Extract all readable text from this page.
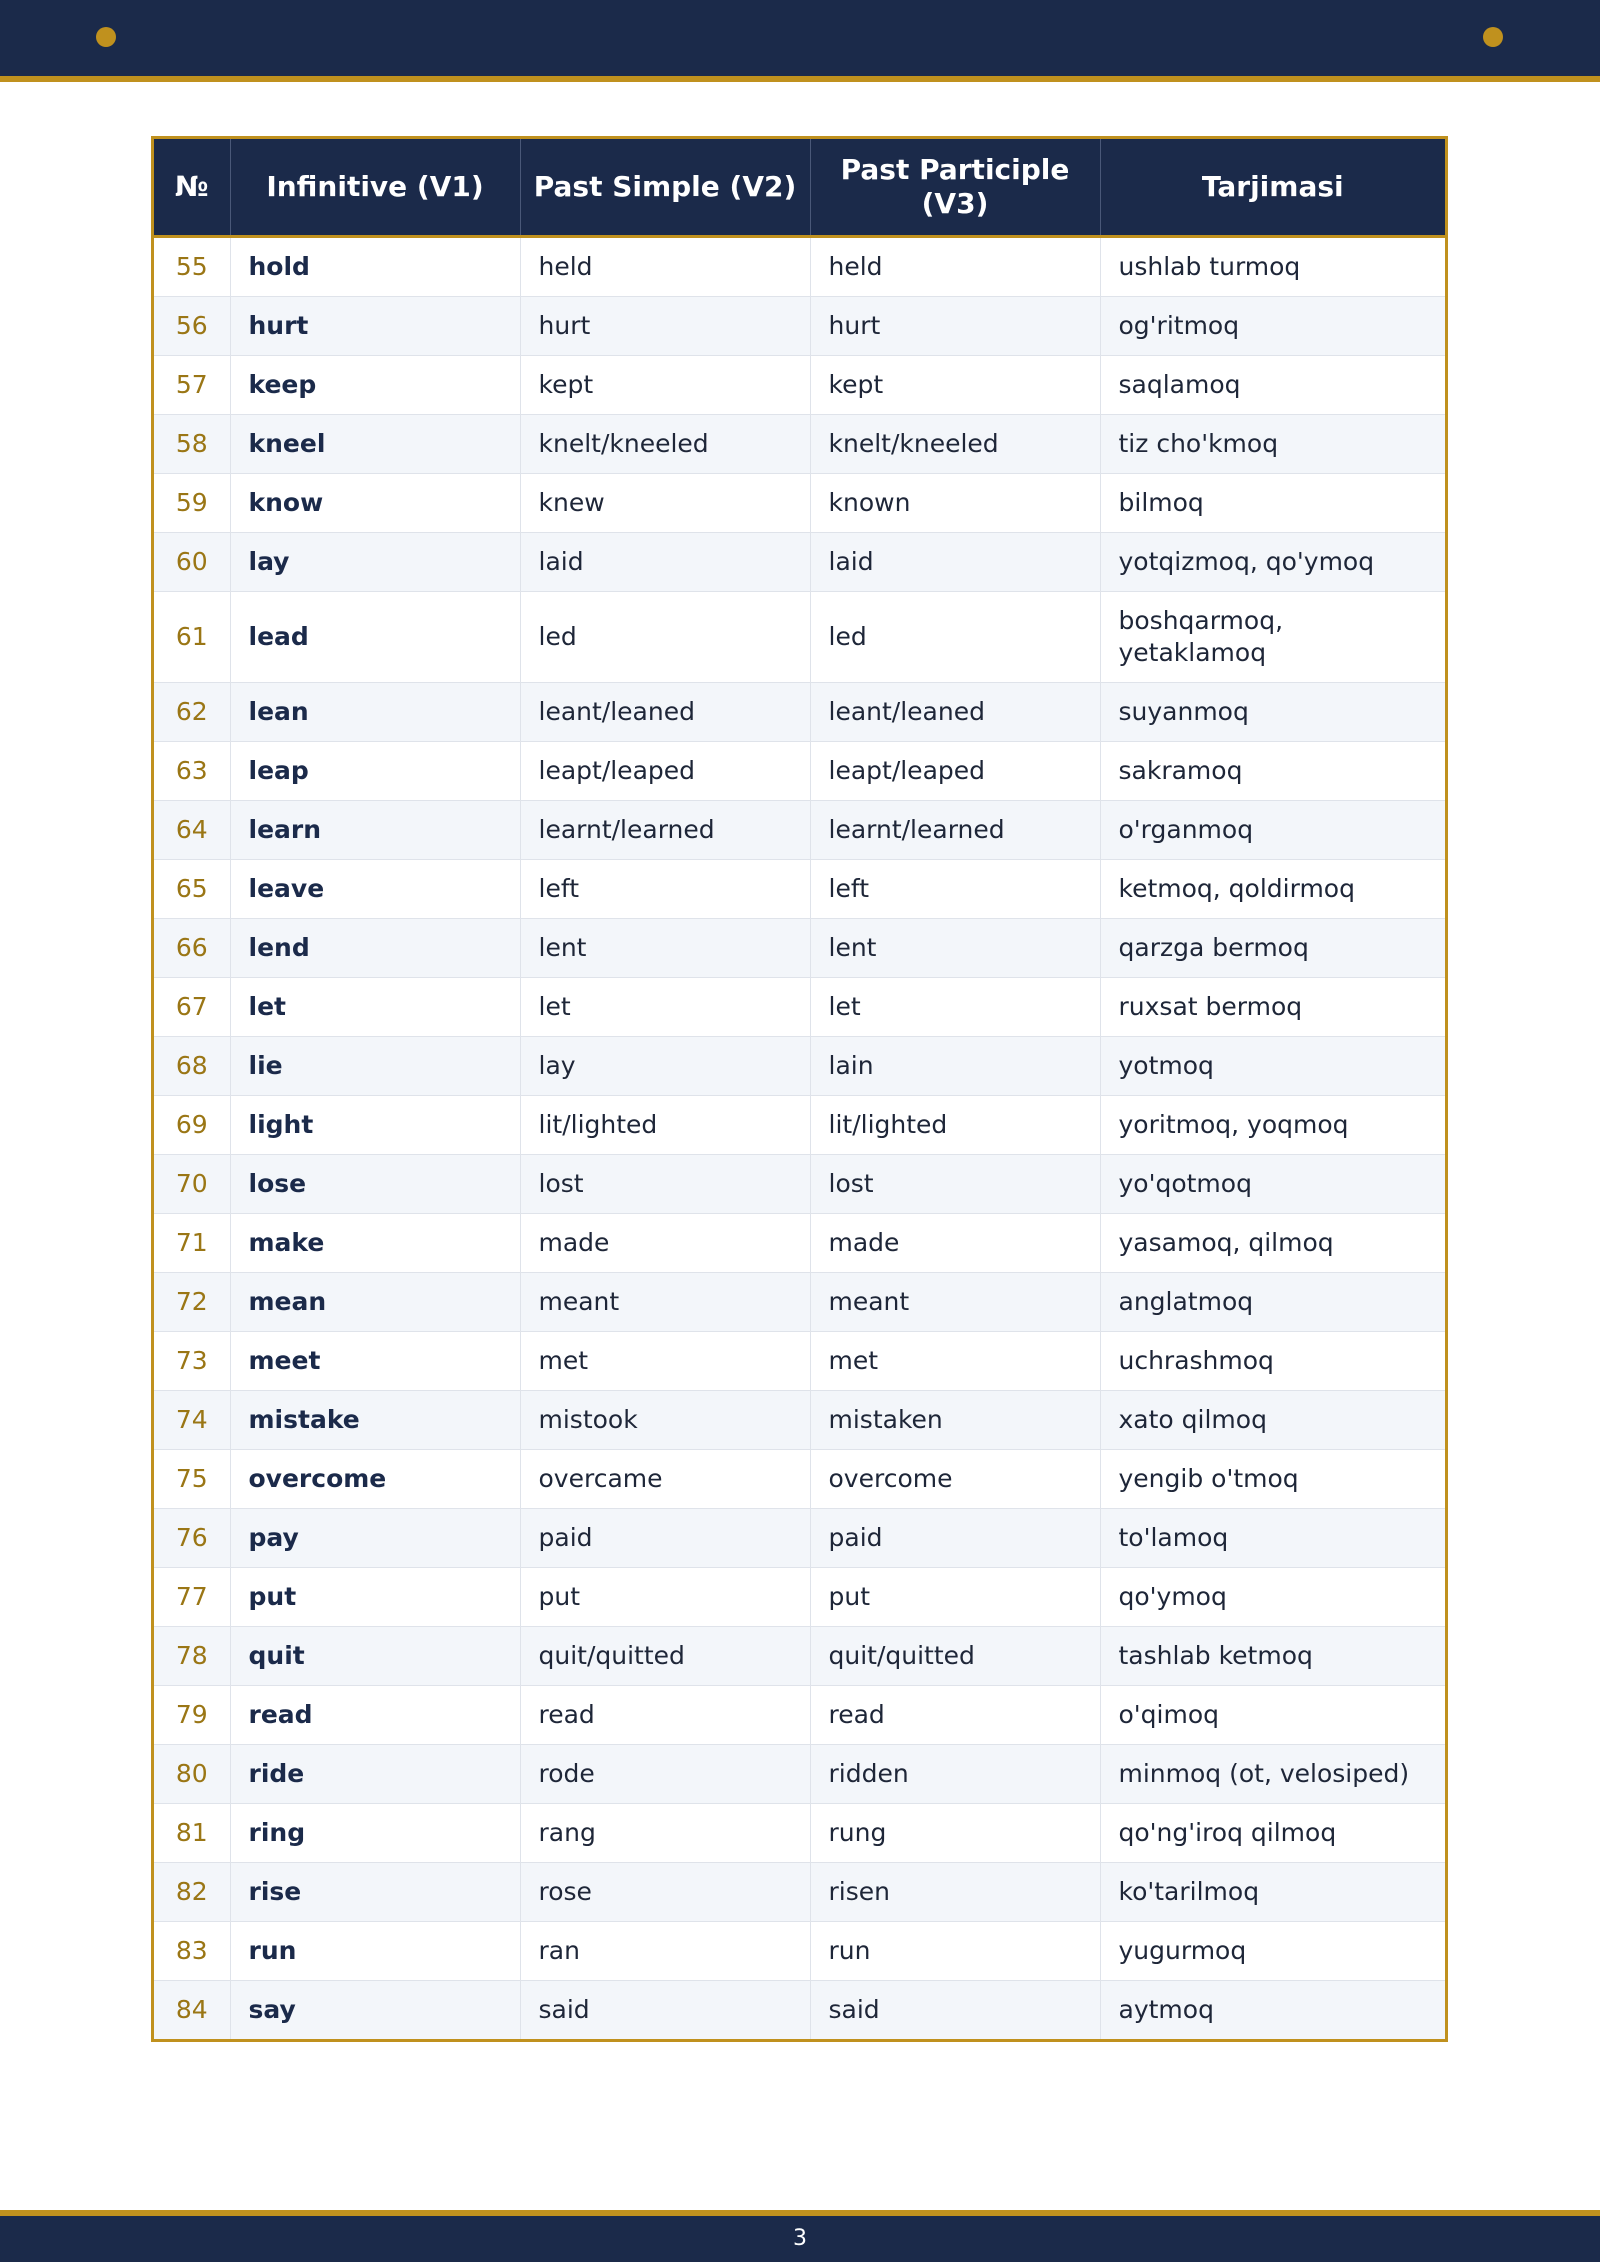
№	Infinitive (V1)	Past Simple (V2)	Past Participle (V3)	Tarjimasi
55	hold	held	held	ushlab turmoq
56	hurt	hurt	hurt	og'ritmoq
57	keep	kept	kept	saqlamoq
58	kneel	knelt/kneeled	knelt/kneeled	tiz cho'kmoq
59	know	knew	known	bilmoq
60	lay	laid	laid	yotqizmoq, qo'ymoq
61	lead	led	led	boshqarmoq, yetaklamoq
62	lean	leant/leaned	leant/leaned	suyanmoq
63	leap	leapt/leaped	leapt/leaped	sakramoq
64	learn	learnt/learned	learnt/learned	o'rganmoq
65	leave	left	left	ketmoq, qoldirmoq
66	lend	lent	lent	qarzga bermoq
67	let	let	let	ruxsat bermoq
68	lie	lay	lain	yotmoq
69	light	lit/lighted	lit/lighted	yoritmoq, yoqmoq
70	lose	lost	lost	yo'qotmoq
71	make	made	made	yasamoq, qilmoq
72	mean	meant	meant	anglatmoq
73	meet	met	met	uchrashmoq
74	mistake	mistook	mistaken	xato qilmoq
75	overcome	overcame	overcome	yengib o'tmoq
76	pay	paid	paid	to'lamoq
77	put	put	put	qo'ymoq
78	quit	quit/quitted	quit/quitted	tashlab ketmoq
79	read	read	read	o'qimoq
80	ride	rode	ridden	minmoq (ot, velosiped)
81	ring	rang	rung	qo'ng'iroq qilmoq
82	rise	rose	risen	ko'tarilmoq
83	run	ran	run	yugurmoq
84	say	said	said	aytmoq
3
